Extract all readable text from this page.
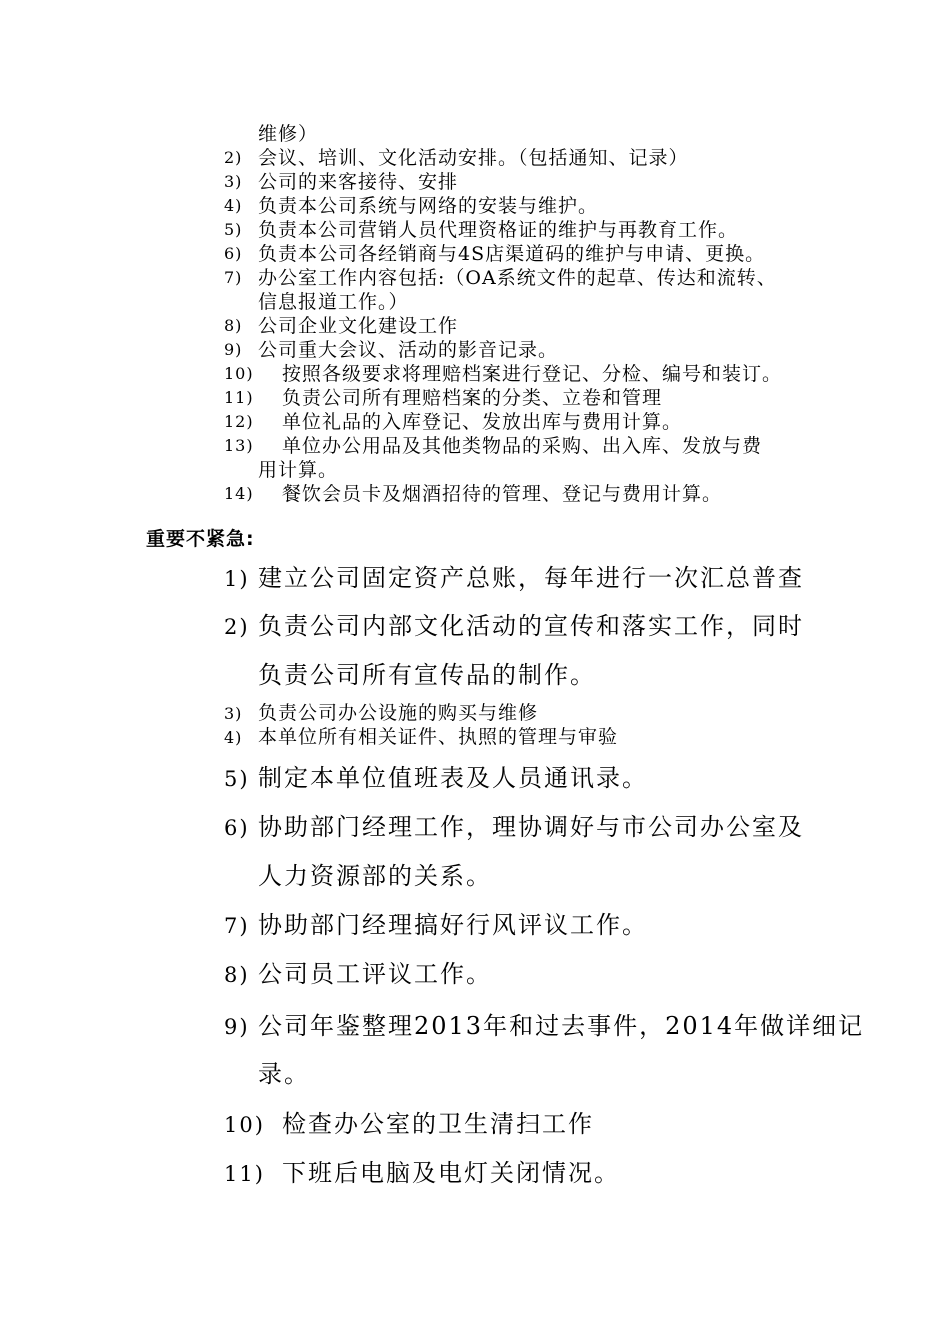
维修）
2) 会议、培训、文化活动安排。（包括通知、记录）
3) 公司的来客接待、安排
4) 负责本公司系统与网络的安装与维护。
5) 负责本公司营销人员代理资格证的维护与再教育工作。
6) 负责本公司各经销商与4S店渠道码的维护与申请、更换。
7) 办公室工作内容包括:（OA系统文件的起草、传达和流转、
信息报道工作。）
8) 公司企业文化建设工作
9) 公司重大会议、活动的影音记录。
10) 按照各级要求将理赔档案进行登记、分检、编号和装订。
11) 负责公司所有理赔档案的分类、立卷和管理
12) 单位礼品的入库登记、发放出库与费用计算。
13) 单位办公用品及其他类物品的采购、出入库、发放与费
用计算。
14) 餐饮会员卡及烟酒招待的管理、登记与费用计算。
重要不紧急:
1) 建立公司固定资产总账，每年进行一次汇总普查
2) 负责公司内部文化活动的宣传和落实工作，同时
负责公司所有宣传品的制作。
3) 负责公司办公设施的购买与维修
4) 本单位所有相关证件、执照的管理与审验
5) 制定本单位值班表及人员通讯录。
6) 协助部门经理工作，理协调好与市公司办公室及
人力资源部的关系。
7) 协助部门经理搞好行风评议工作。
8) 公司员工评议工作。
9) 公司年鉴整理2013年和过去事件，2014年做详细记
录。
10) 检查办公室的卫生清扫工作
11) 下班后电脑及电灯关闭情况。
